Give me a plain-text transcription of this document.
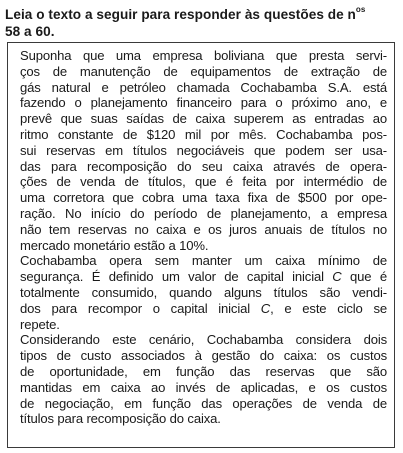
Leia o texto a seguir para responder às questões de $n^{os}$
58 a 60.

Suponha que uma empresa boliviana que presta servi-
ços de manutenção de equipamentos de extração de
gás natural e petróleo chamada Cochabamba S.A. está
fazendo o planejamento financeiro para o próximo ano, e
prevê que suas saídas de caixa superem as entradas ao
ritmo constante de $120 mil por mês. Cochabamba pos-
sui reservas em títulos negociáveis que podem ser usa-
das para recomposição do seu caixa através de opera-
ções de venda de títulos, que é feita por intermédio de
uma corretora que cobra uma taxa fixa de $500 por ope-
ração. No início do período de planejamento, a empresa
não tem reservas no caixa e os juros anuais de títulos no
mercado monetário estão a 10%.

Cochabamba opera sem manter um caixa mínimo de
segurança. É definido um valor de capital inicial C que é
totalmente consumido, quando alguns títulos são vendi-
dos para recompor o capital inicial C, e este ciclo se
repete.

Considerando este cenário, Cochabamba considera dois
tipos de custo associados à gestão do caixa: os custos
de oportunidade, em função das reservas que são
mantidas em caixa ao invés de aplicadas, e os custos
de negociação, em função das operações de venda de
títulos para recomposição do caixa.
